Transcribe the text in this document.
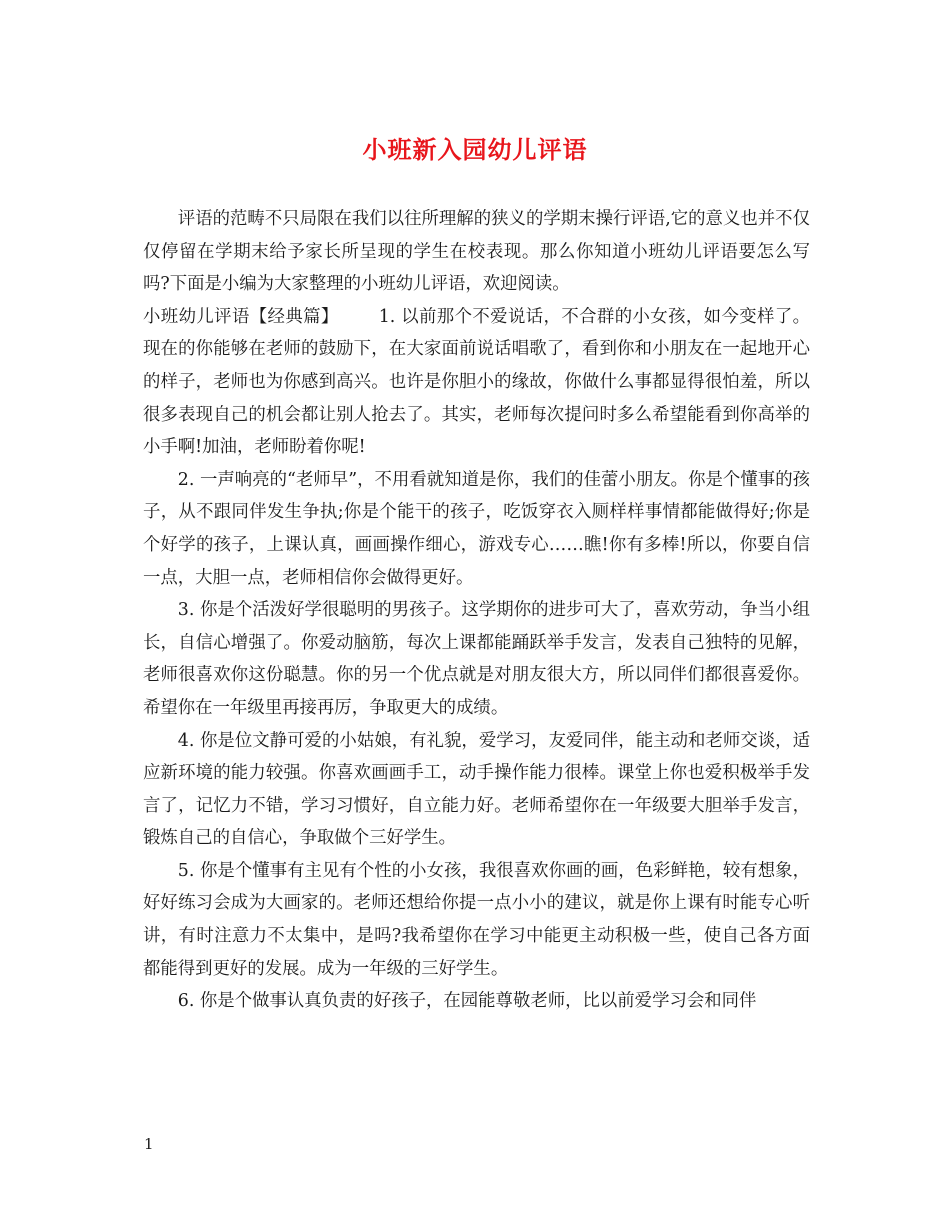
小班新入园幼儿评语

评语的范畴不只局限在我们以往所理解的狭义的学期末操行评语,它的意义也并不仅仅停留在学期末给予家长所呈现的学生在校表现。那么你知道小班幼儿评语要怎么写吗?下面是小编为大家整理的小班幼儿评语，欢迎阅读。

小班幼儿评语【经典篇】 1. 以前那个不爱说话，不合群的小女孩，如今变样了。现在的你能够在老师的鼓励下，在大家面前说话唱歌了，看到你和小朋友在一起地开心的样子，老师也为你感到高兴。也许是你胆小的缘故，你做什么事都显得很怕羞，所以很多表现自己的机会都让别人抢去了。其实，老师每次提问时多么希望能看到你高举的小手啊!加油，老师盼着你呢!

2. 一声响亮的“老师早”，不用看就知道是你，我们的佳蕾小朋友。你是个懂事的孩子，从不跟同伴发生争执;你是个能干的孩子，吃饭穿衣入厕样样事情都能做得好;你是个好学的孩子，上课认真，画画操作细心，游戏专心……瞧!你有多棒!所以，你要自信一点，大胆一点，老师相信你会做得更好。

3. 你是个活泼好学很聪明的男孩子。这学期你的进步可大了，喜欢劳动，争当小组长，自信心增强了。你爱动脑筋，每次上课都能踊跃举手发言，发表自己独特的见解，老师很喜欢你这份聪慧。你的另一个优点就是对朋友很大方，所以同伴们都很喜爱你。希望你在一年级里再接再厉，争取更大的成绩。

4. 你是位文静可爱的小姑娘，有礼貌，爱学习，友爱同伴，能主动和老师交谈，适应新环境的能力较强。你喜欢画画手工，动手操作能力很棒。课堂上你也爱积极举手发言了，记忆力不错，学习习惯好，自立能力好。老师希望你在一年级要大胆举手发言，锻炼自己的自信心，争取做个三好学生。

5. 你是个懂事有主见有个性的小女孩，我很喜欢你画的画，色彩鲜艳，较有想象，好好练习会成为大画家的。老师还想给你提一点小小的建议，就是你上课有时能专心听讲，有时注意力不太集中，是吗?我希望你在学习中能更主动积极一些，使自己各方面都能得到更好的发展。成为一年级的三好学生。

6. 你是个做事认真负责的好孩子，在园能尊敬老师，比以前爱学习会和同伴

1
